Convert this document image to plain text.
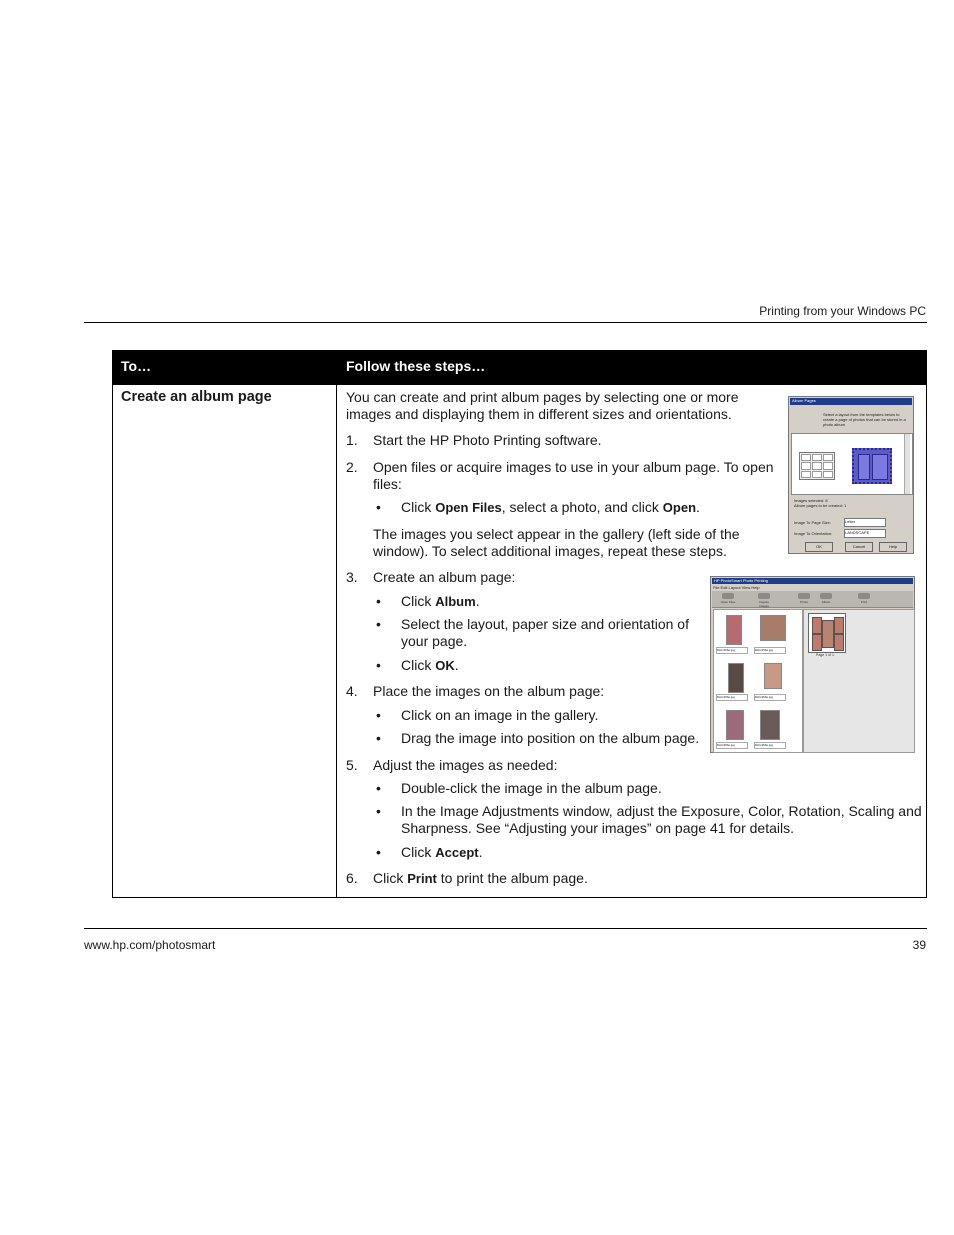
Printing from your Windows PC
To…	Follow these steps…
Create an album page	You can create and print album pages by selecting one or more
images and displaying them in different sizes and orientations.
1. Start the HP Photo Printing software.
2. Open files or acquire images to use in your album page. To open
files:
• Click Open Files, select a photo, and click Open.
The images you select appear in the gallery (left side of the
window). To select additional images, repeat these steps.
3. Create an album page:
• Click Album.
• Select the layout, paper size and orientation of
your page.
• Click OK.
4. Place the images on the album page:
• Click on an image in the gallery.
• Drag the image into position on the album page.
5. Adjust the images as needed:
• Double-click the image in the album page.
• In the Image Adjustments window, adjust the Exposure, Color, Rotation, Scaling and
Sharpness. See “Adjusting your images” on page 41 for details.
• Click Accept.
6. Click Print to print the album page.
Album Pages
Select a layout from the templates below to create a page of photos that can be stored in a photo album
Images selected: 8
Album pages to be created: 1
Image To Page Size:	Letter
Image To Orientation:	LANDSCAPE
OK	Cancel	Help
HP PhotoSmart Photo Printing
File Edit Layout View Help
Open Files	Acquire Images
Prints	Album	Print
DHC456e.jpg	DHC456e.jpg
DHC456e.jpg	DHC456e.jpg
DHC456e.jpg	DHC456e.jpg
Page 1 of 1
www.hp.com/photosmart	39
